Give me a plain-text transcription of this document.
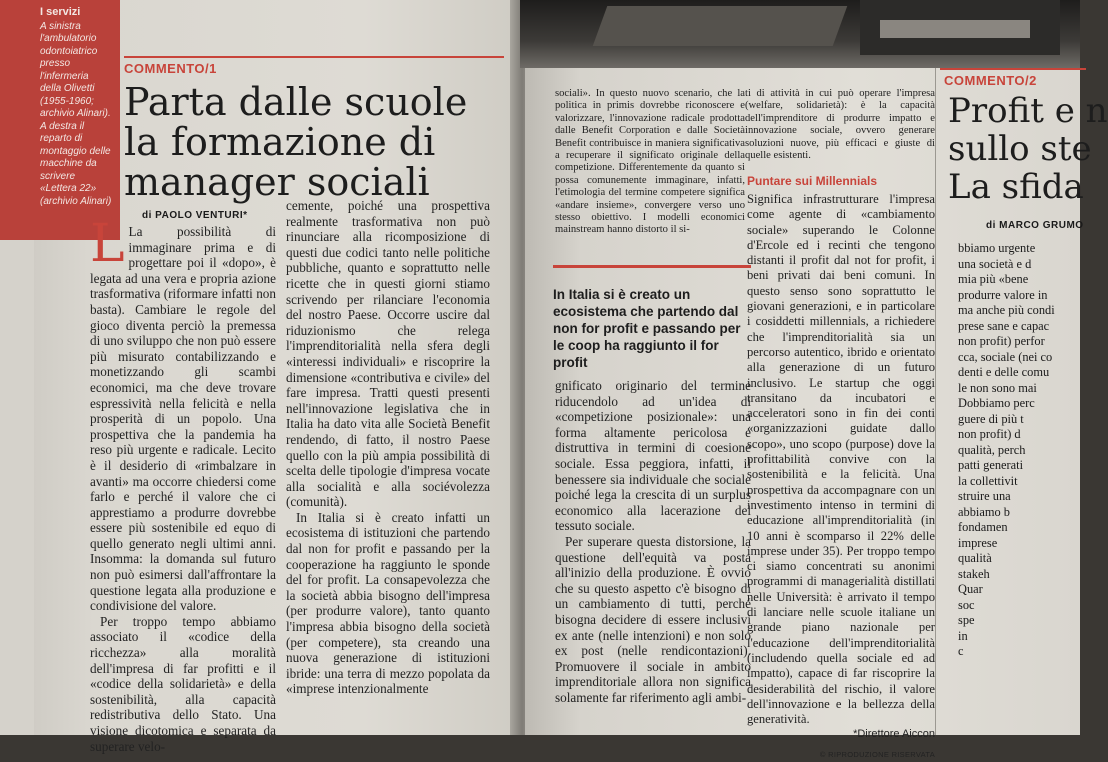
I servizi
A sinistra l'ambulatorio odontoiatrico presso l'infermeria della Olivetti (1955-1960; archivio Alinari). A destra il reparto di montaggio delle macchine da scrivere «Lettera 22» (archivio Alinari)
COMMENTO/1
Parta dalle scuole la formazione di manager sociali
di PAOLO VENTURI*

L La possibilità di immaginare prima e di progettare poi il «dopo», è legata ad una vera e propria azione trasformativa (riformare infatti non basta). Cambiare le regole del gioco diventa perciò la premessa di uno sviluppo che non può essere più misurato contabilizzando e monetizzando gli scambi economici, ma che deve trovare espressività nella felicità e nella prosperità di un popolo. Una prospettiva che la pandemia ha reso più urgente e radicale. Lecito è il desiderio di «rimbalzare in avanti» ma occorre chiedersi come farlo e perché il valore che ci apprestiamo a produrre dovrebbe essere più sostenibile ed equo di quello generato negli ultimi anni. Insomma: la domanda sul futuro non può esimersi dall'affrontare la questione legata alla produzione e condivisione del valore.

Per troppo tempo abbiamo associato il «codice della ricchezza» alla moralità dell'impresa di far profitti e il «codice della solidarietà» e della sostenibilità, alla capacità redistributiva dello Stato. Una visione dicotomica e separata da superare velo-

cemente, poiché una prospettiva realmente trasformativa non può rinunciare alla ricomposizione di questi due codici tanto nelle politiche pubbliche, quanto e soprattutto nelle ricette che in questi giorni stiamo scrivendo per rilanciare l'economia del nostro Paese. Occorre uscire dal riduzionismo che relega l'imprenditorialità nella sfera degli «interessi individuali» e riscoprire la dimensione «contributiva e civile» del fare impresa. Tratti questi presenti nell'innovazione legislativa che in Italia ha dato vita alle Società Benefit rendendo, di fatto, il nostro Paese quello con la più ampia possibilità di scelta delle tipologie d'impresa vocate alla socialità e alla sociévolezza (comunità).

In Italia si è creato infatti un ecosistema di istituzioni che partendo dal non for profit e passando per la cooperazione ha raggiunto le sponde del for profit. La consapevolezza che la società abbia bisogno dell'impresa (per produrre valore), tanto quanto l'impresa abbia bisogno della società (per competere), sta creando una nuova generazione di istituzioni ibride: una terra di mezzo popolata da «imprese intenzionalmente

sociali». In questo nuovo scenario, che la politica in primis dovrebbe riconoscere e valorizzare, l'innovazione radicale prodotta dalle Benefit Corporation e dalle Società Benefit contribuisce in maniera significativa a recuperare il significato originale della competizione. Differentemente da quanto si possa comunemente immaginare, infatti, l'etimologia del termine competere significa «andare insieme», convergere verso uno stesso obiettivo. I modelli economici mainstream hanno distorto il si-

In Italia si è creato un ecosistema che partendo dal non for profit e passando per le coop ha raggiunto il for profit

gnificato originario del termine riducendolo ad un'idea di «competizione posizionale»: una forma altamente pericolosa e distruttiva in termini di coesione sociale. Essa peggiora, infatti, il benessere sia individuale che sociale poiché lega la crescita di un surplus economico alla lacerazione del tessuto sociale.

Per superare questa distorsione, la questione dell'equità va posta all'inizio della produzione. È ovvio che su questo aspetto c'è bisogno di un cambiamento di tutti, perché bisogna decidere di essere inclusivi ex ante (nelle intenzioni) e non solo ex post (nelle rendicontazioni). Promuovere il sociale in ambito imprenditoriale allora non significa solamente far riferimento agli ambi-

ti di attività in cui può operare l'impresa (welfare, solidarietà): è la capacità dell'imprenditore di produrre impatto e innovazione sociale, ovvero generare soluzioni nuove, più efficaci e giuste di quelle esistenti.

Puntare sui Millennials

Significa infrastrutturare l'impresa come agente di «cambiamento sociale» superando le Colonne d'Ercole ed i recinti che tengono distanti il profit dal not for profit, i beni privati dai beni comuni. In questo senso sono soprattutto le giovani generazioni, e in particolare i cosiddetti millennials, a richiedere che l'imprenditorialità sia un percorso autentico, ibrido e orientato alla generazione di un futuro inclusivo. Le startup che oggi transitano da incubatori e acceleratori sono in fin dei conti «organizzazioni guidate dallo scopo», uno scopo (purpose) dove la profittabilità convive con la sostenibilità e la felicità. Una prospettiva da accompagnare con un investimento intenso in termini di educazione all'imprenditorialità (in 10 anni è scomparso il 22% delle imprese under 35). Per troppo tempo ci siamo concentrati su anonimi programmi di managerialità distillati nelle Università: è arrivato il tempo di lanciare nelle scuole italiane un grande piano nazionale per l'educazione dell'imprenditorialità (includendo quella sociale ed ad impatto), capace di far riscoprire la desiderabilità del rischio, il valore dell'innovazione e la bellezza della generatività.

*Direttore Aiccon
© RIPRODUZIONE RISERVATA
COMMENTO/2
Profit e n
sullo ste
La sfida
di MARCO GRUMO
bbiamo urgente
una società e d
mia più «bene
produrre valore in
ma anche più condi
prese sane e capac
non profit) perfor
cca, sociale (nei co
denti e delle comu
le non sono mai
Dobbiamo perc
guere di più t
non profit) d
qualità, perch
patti generati
la collettivit
struire una
abbiamo b
fondamen
imprese
qualità
stakeh
Quar
soc
spe
in
c
